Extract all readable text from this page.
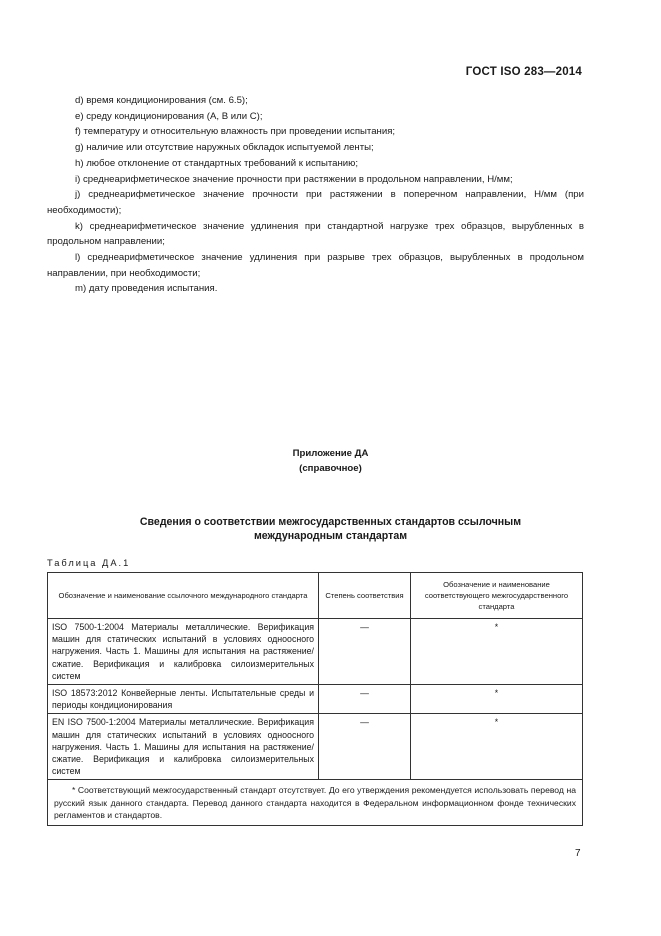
ГОСТ ISO 283—2014
d) время кондиционирования (см. 6.5);
e) среду кондиционирования (А, В или С);
f) температуру и относительную влажность при проведении испытания;
g) наличие или отсутствие наружных обкладок испытуемой ленты;
h) любое отклонение от стандартных требований к испытанию;
i) среднеарифметическое значение прочности при растяжении в продольном направлении, Н/мм;
j) среднеарифметическое значение прочности при растяжении в поперечном направлении, Н/мм (при необходимости);
k) среднеарифметическое значение удлинения при стандартной нагрузке трех образцов, вырубленных в продольном направлении;
l) среднеарифметическое значение удлинения при разрыве трех образцов, вырубленных в продольном направлении, при необходимости;
m) дату проведения испытания.
Приложение ДА
(справочное)
Сведения о соответствии межгосударственных стандартов ссылочным
международным стандартам
Таблица ДА.1
Обозначение и наименование ссылочного международного стандарта	Степень соответствия	Обозначение и наименование соответствующего межгосударственного стандарта
ISO 7500-1:2004 Материалы металлические. Верификация машин для статических испытаний в условиях одноосного нагружения. Часть 1. Машины для испытания на растяжение/сжатие. Верификация и калибровка силоизмерительных систем	—	*
ISO 18573:2012 Конвейерные ленты. Испытательные среды и периоды кондиционирования	—	*
EN ISO 7500-1:2004 Материалы металлические. Верификация машин для статических испытаний в условиях одноосного нагружения. Часть 1. Машины для испытания на растяжение/сжатие. Верификация и калибровка силоизмерительных систем	—	*
* Соответствующий межгосударственный стандарт отсутствует. До его утверждения рекомендуется использовать перевод на русский язык данного стандарта. Перевод данного стандарта находится в Федеральном информационном фонде технических регламентов и стандартов.		
7
